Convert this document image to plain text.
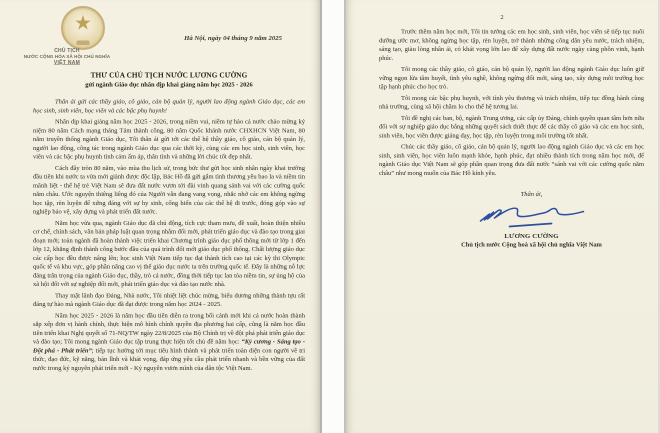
★
CHỦ TỊCH
NƯỚC CỘNG HÒA XÃ HỘI CHỦ NGHĨA
VIỆT NAM
Hà Nội, ngày 04 tháng 9 năm 2025
THƯ CỦA CHỦ TỊCH NƯỚC LƯƠNG CƯỜNG
gửi ngành Giáo dục nhân dịp khai giảng năm học 2025 - 2026

Thân ái gửi các thầy giáo, cô giáo, cán bộ quản lý, người lao động ngành Giáo dục, các em học sinh, sinh viên, học viên và các bậc phụ huynh!

Nhân dịp khai giảng năm học 2025 - 2026, trong niềm vui, niềm tự hào cả nước chào mừng kỷ niệm 80 năm Cách mạng tháng Tám thành công, 80 năm Quốc khánh nước CHXHCN Việt Nam, 80 năm truyền thống ngành Giáo dục, Tôi thân ái gửi tới các thế hệ thầy giáo, cô giáo, cán bộ quản lý, người lao động, công tác trong ngành Giáo dục qua các thời kỳ, cùng các em học sinh, sinh viên, học viên và các bậc phụ huynh tình cảm ấm áp, thân tình và những lời chúc tốt đẹp nhất.

Cách đây tròn 80 năm, vào mùa thu lịch sử, trong bức thư gửi học sinh nhân ngày khai trường đầu tiên khi nước ta vừa mới giành được độc lập, Bác Hồ đã gửi gắm tình thương yêu bao la và niềm tin mãnh liệt - thế hệ trẻ Việt Nam sẽ đưa đất nước vươn tới đài vinh quang sánh vai với các cường quốc năm châu. Ước nguyện thiêng liêng đó của Người vẫn đang vang vọng, nhắc nhở các em không ngừng học tập, rèn luyện để xứng đáng với sự hy sinh, cống hiến của các thế hệ đi trước, đóng góp vào sự nghiệp bảo vệ, xây dựng và phát triển đất nước.

Năm học vừa qua, ngành Giáo dục đã chủ động, tích cực tham mưu, đề xuất, hoàn thiện nhiều cơ chế, chính sách, văn bản pháp luật quan trọng nhằm đổi mới, phát triển giáo dục và đào tạo trong giai đoạn mới; toàn ngành đã hoàn thành việc triển khai Chương trình giáo dục phổ thông mới từ lớp 1 đến lớp 12, khẳng định thành công bước đầu của quá trình đổi mới giáo dục phổ thông. Chất lượng giáo dục các cấp học đều được nâng lên; học sinh Việt Nam tiếp tục đạt thành tích cao tại các kỳ thi Olympic quốc tế và khu vực, góp phần nâng cao vị thế giáo dục nước ta trên trường quốc tế. Đây là những nỗ lực đáng trân trọng của ngành Giáo dục, thầy, trò cả nước, đồng thời tiếp tục lan tỏa niềm tin, sự ủng hộ của xã hội đối với sự nghiệp đổi mới, phát triển giáo dục và đào tạo nước nhà.

Thay mặt lãnh đạo Đảng, Nhà nước, Tôi nhiệt liệt chúc mừng, biểu dương những thành tựu rất đáng tự hào mà ngành Giáo dục đã đạt được trong năm học 2024 - 2025.

Năm học 2025 - 2026 là năm học đầu tiên diễn ra trong bối cảnh mới khi cả nước hoàn thành sắp xếp đơn vị hành chính, thực hiện mô hình chính quyền địa phương hai cấp, cũng là năm học đầu tiên triển khai Nghị quyết số 71-NQ/TW ngày 22/8/2025 của Bộ Chính trị về đột phá phát triển giáo dục và đào tạo; Tôi mong ngành Giáo dục tập trung thực hiện tốt chủ đề năm học: “Kỷ cương - Sáng tạo - Đột phá - Phát triển”; tiếp tục hướng tới mục tiêu hình thành và phát triển toàn diện con người về tri thức, đạo đức, kỹ năng, bản lĩnh và khát vọng, đáp ứng yêu cầu phát triển nhanh và bền vững của đất nước trong kỷ nguyên phát triển mới - Kỷ nguyên vươn mình của dân tộc Việt Nam.

2

Trước thềm năm học mới, Tôi tin tưởng các em học sinh, sinh viên, học viên sẽ tiếp tục nuôi dưỡng ước mơ, không ngừng học tập, rèn luyện, trở thành những công dân yêu nước, trách nhiệm, sáng tạo, giàu lòng nhân ái, có khát vọng lớn lao để xây dựng đất nước ngày càng phồn vinh, hạnh phúc.

Tôi mong các thầy giáo, cô giáo, cán bộ quản lý, người lao động ngành Giáo dục luôn giữ vững ngọn lửa tâm huyết, tình yêu nghề, không ngừng đổi mới, sáng tạo, xây dựng môi trường học tập hạnh phúc cho học trò.

Tôi mong các bậc phụ huynh, với tình yêu thương và trách nhiệm, tiếp tục đồng hành cùng nhà trường, cùng xã hội chăm lo cho thế hệ tương lai.

Tôi đề nghị các ban, bộ, ngành Trung ương, các cấp ủy Đảng, chính quyền quan tâm hơn nữa đối với sự nghiệp giáo dục bằng những quyết sách thiết thực để các thầy cô giáo và các em học sinh, sinh viên, học viên được giảng dạy, học tập, rèn luyện trong môi trường tốt nhất.

Chúc các thầy giáo, cô giáo, cán bộ quản lý, người lao động ngành Giáo dục và các em học sinh, sinh viên, học viên luôn mạnh khỏe, hạnh phúc, đạt nhiều thành tích trong năm học mới, để ngành Giáo dục Việt Nam sẽ góp phần quan trọng đưa đất nước “sánh vai với các cường quốc năm châu” như mong muốn của Bác Hồ kính yêu.

Thân ái,
LƯƠNG CƯỜNG
Chủ tịch nước Cộng hoà xã hội chủ nghĩa Việt Nam
